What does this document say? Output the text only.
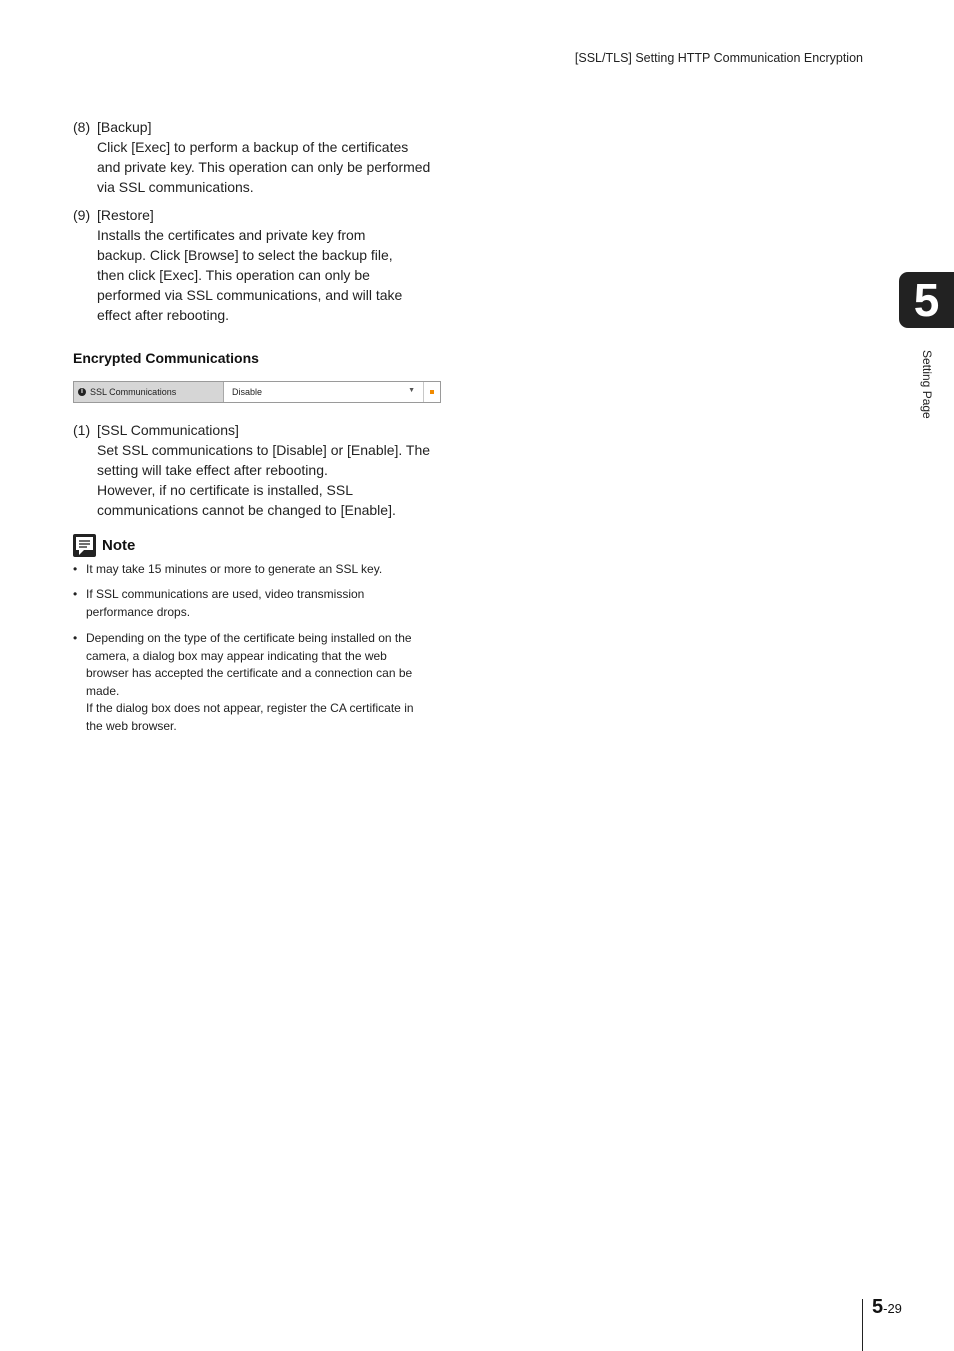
[SSL/TLS] Setting HTTP Communication Encryption
5
Setting Page
(8) [Backup]
Click [Exec] to perform a backup of the certificates
and private key. This operation can only be performed
via SSL communications.
(9) [Restore]
Installs the certificates and private key from
backup. Click [Browse] to select the backup file,
then click [Exec]. This operation can only be
performed via SSL communications, and will take
effect after rebooting.
Encrypted Communications
i SSL Communications	Disable	▼
(1) [SSL Communications]
Set SSL communications to [Disable] or [Enable]. The
setting will take effect after rebooting.
However, if no certificate is installed, SSL
communications cannot be changed to [Enable].
Note
• It may take 15 minutes or more to generate an SSL key.
• If SSL communications are used, video transmission
performance drops.
• Depending on the type of the certificate being installed on the
camera, a dialog box may appear indicating that the web
browser has accepted the certificate and a connection can be
made.
If the dialog box does not appear, register the CA certificate in
the web browser.
5-29
